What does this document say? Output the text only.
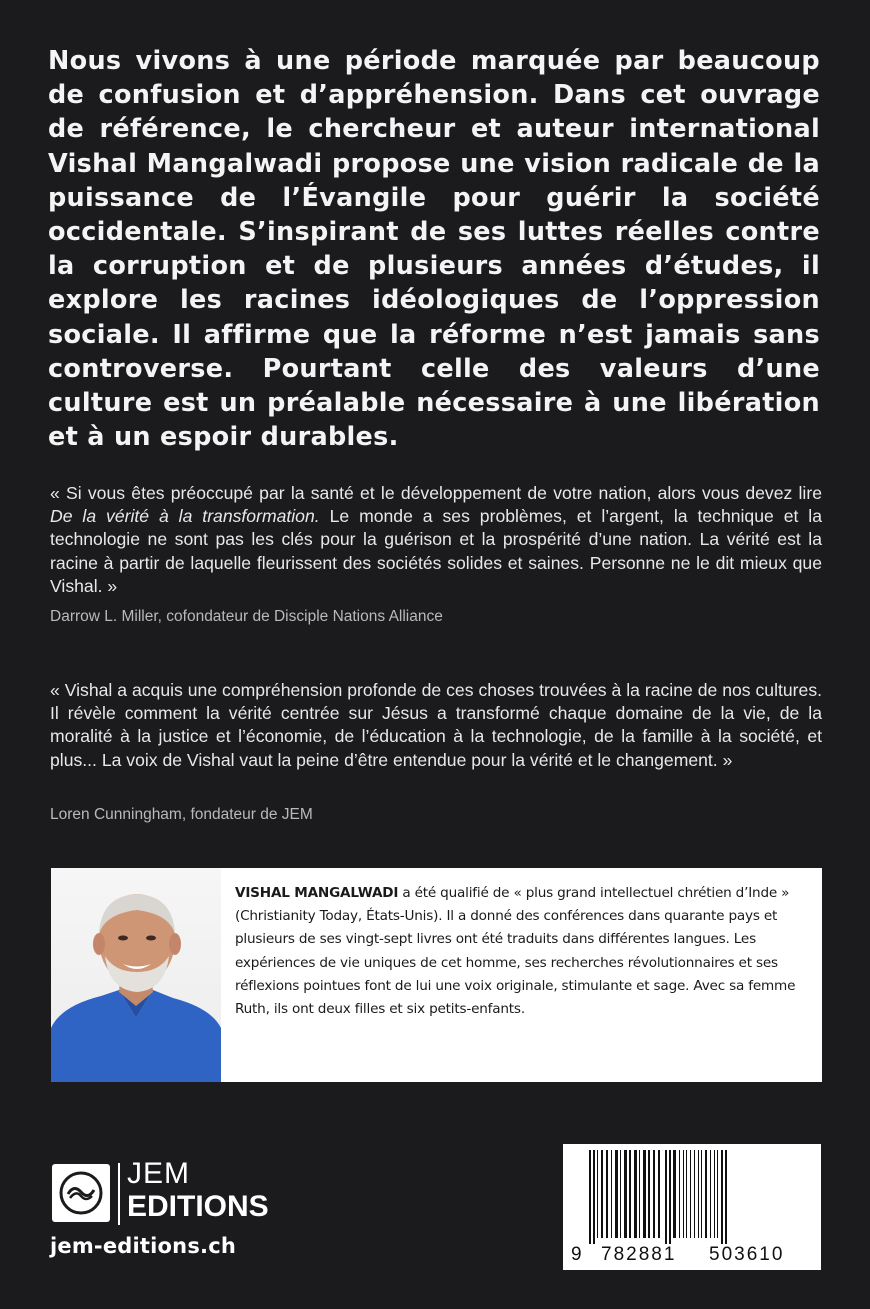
Nous vivons à une période marquée par beaucoup de confusion et d’appréhension. Dans cet ouvrage de référence, le chercheur et auteur international Vishal Mangalwadi propose une vision radicale de la puissance de l’Évangile pour guérir la société occidentale. S’inspirant de ses luttes réelles contre la corruption et de plusieurs années d’études, il explore les racines idéologiques de l’oppression sociale. Il affirme que la réforme n’est jamais sans controverse. Pourtant celle des valeurs d’une culture est un préalable nécessaire à une libération et à un espoir durables.
« Si vous êtes préoccupé par la santé et le développement de votre nation, alors vous devez lire De la vérité à la transformation. Le monde a ses problèmes, et l’argent, la technique et la technologie ne sont pas les clés pour la guérison et la prospérité d’une nation. La vérité est la racine à partir de laquelle fleurissent des sociétés solides et saines. Personne ne le dit mieux que Vishal. »
Darrow L. Miller, cofondateur de Disciple Nations Alliance
« Vishal a acquis une compréhension profonde de ces choses trouvées à la racine de nos cultures. Il révèle comment la vérité centrée sur Jésus a transformé chaque domaine de la vie, de la moralité à la justice et l’économie, de l’éducation à la technologie, de la famille à la société, et plus... La voix de Vishal vaut la peine d’être entendue pour la vérité et le changement. »
Loren Cunningham, fondateur de JEM
VISHAL MANGALWADI a été qualifié de « plus grand intellectuel chrétien d’Inde » (Christianity Today, États-Unis). Il a donné des conférences dans quarante pays et plusieurs de ses vingt-sept livres ont été traduits dans différentes langues. Les expériences de vie uniques de cet homme, ses recherches révolutionnaires et ses réflexions pointues font de lui une voix originale, stimulante et sage. Avec sa femme Ruth, ils ont deux filles et six petits-enfants.
JEM
EDITIONS
jem-editions.ch	9 782881 503610
